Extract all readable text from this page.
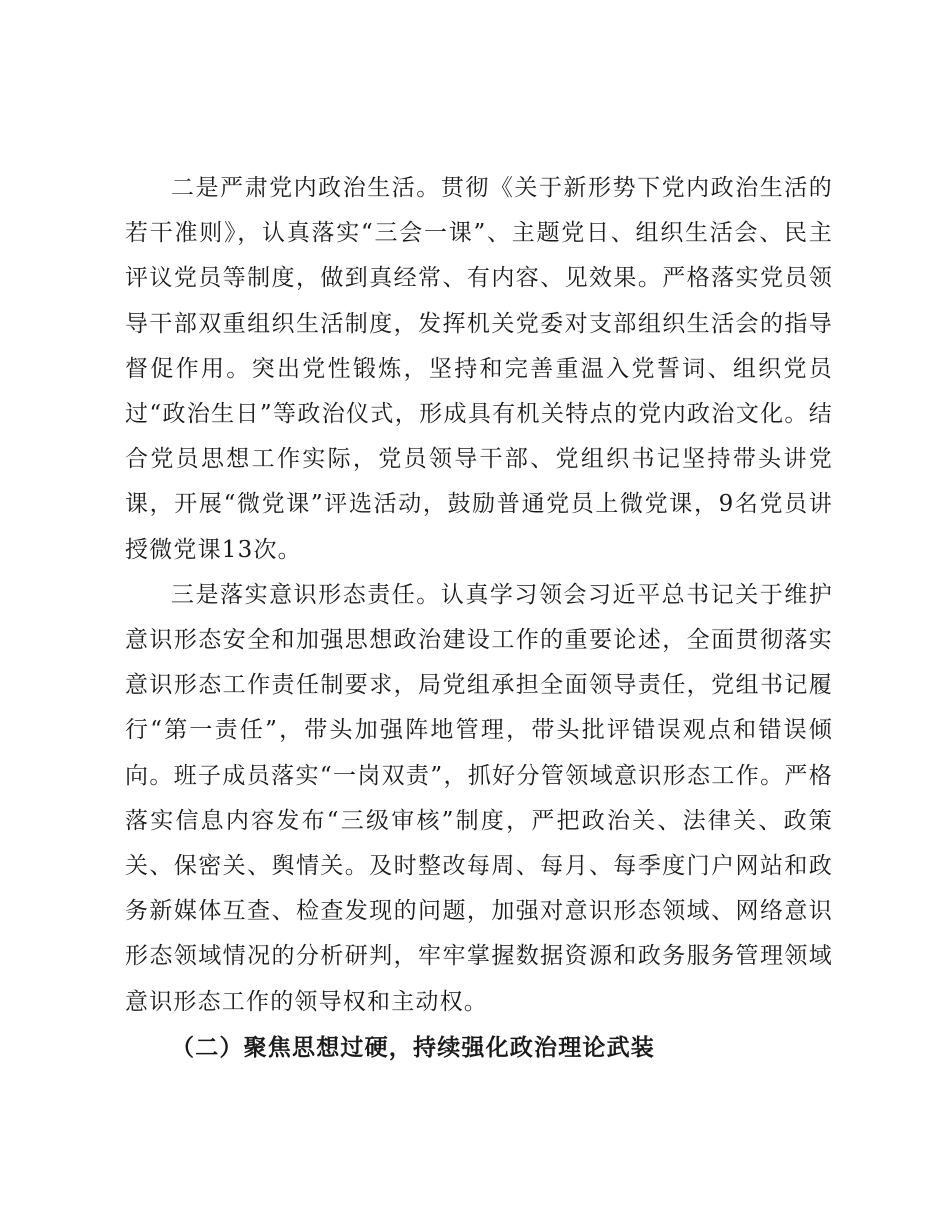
二是严肃党内政治生活。贯彻《关于新形势下党内政治生活的若干准则》，认真落实“三会一课”、主题党日、组织生活会、民主评议党员等制度，做到真经常、有内容、见效果。严格落实党员领导干部双重组织生活制度，发挥机关党委对支部组织生活会的指导督促作用。突出党性锻炼，坚持和完善重温入党誓词、组织党员过“政治生日”等政治仪式，形成具有机关特点的党内政治文化。结合党员思想工作实际，党员领导干部、党组织书记坚持带头讲党课，开展“微党课”评选活动，鼓励普通党员上微党课，9名党员讲授微党课13次。

三是落实意识形态责任。认真学习领会习近平总书记关于维护意识形态安全和加强思想政治建设工作的重要论述，全面贯彻落实意识形态工作责任制要求，局党组承担全面领导责任，党组书记履行“第一责任”，带头加强阵地管理，带头批评错误观点和错误倾向。班子成员落实“一岗双责”，抓好分管领域意识形态工作。严格落实信息内容发布“三级审核”制度，严把政治关、法律关、政策关、保密关、舆情关。及时整改每周、每月、每季度门户网站和政务新媒体互查、检查发现的问题，加强对意识形态领域、网络意识形态领域情况的分析研判，牢牢掌握数据资源和政务服务管理领域意识形态工作的领导权和主动权。

（二）聚焦思想过硬，持续强化政治理论武装
